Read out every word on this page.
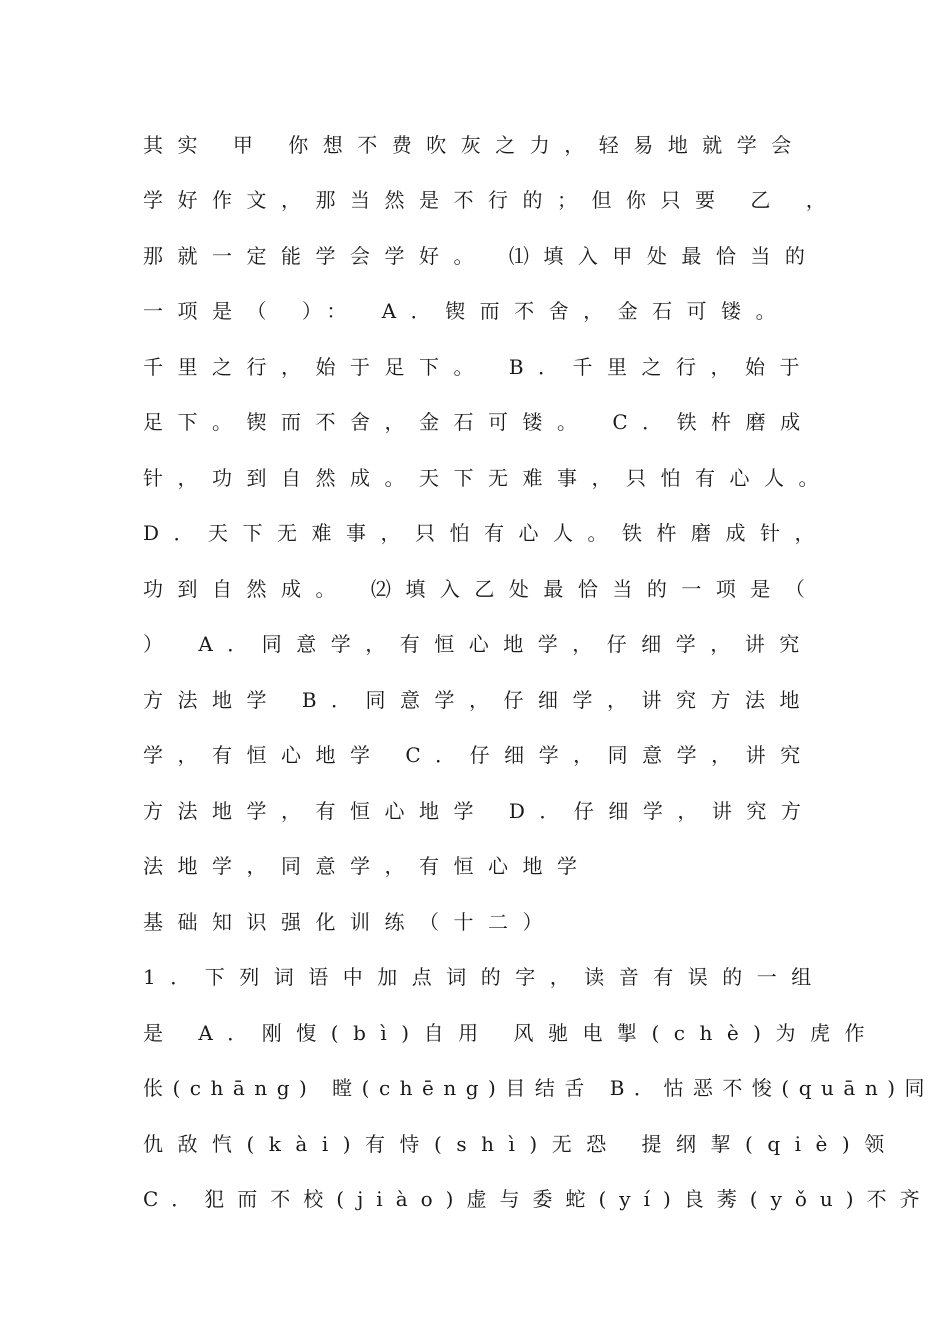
其实 甲 你想不费吹灰之力，轻易地就学会
学好作文，那当然是不行的；但你只要 乙 ，
那就一定能学会学好。 ⑴填入甲处最恰当的
一项是（ ）： A．锲而不舍，金石可镂。
千里之行，始于足下。 B．千里之行，始于
足下。锲而不舍，金石可镂。 C．铁杵磨成
针，功到自然成。天下无难事，只怕有心人。
D．天下无难事，只怕有心人。铁杵磨成针，
功到自然成。 ⑵填入乙处最恰当的一项是（
） A．同意学，有恒心地学，仔细学，讲究
方法地学 B．同意学，仔细学，讲究方法地
学，有恒心地学 C．仔细学，同意学，讲究
方法地学，有恒心地学 D．仔细学，讲究方
法地学，同意学，有恒心地学
基础知识强化训练（十二）
1．下列词语中加点词的字，读音有误的一组
是 A．刚愎(bì)自用 风驰电掣(chè)为虎作
伥(chāng) 瞠(chēng)目结舌 B．怙恶不悛(quān)同
仇敌忾(kài)有恃(shì)无恐 提纲挈(qiè)领
C．犯而不校(jiào)虚与委蛇(yí)良莠(yǒu)不齐
